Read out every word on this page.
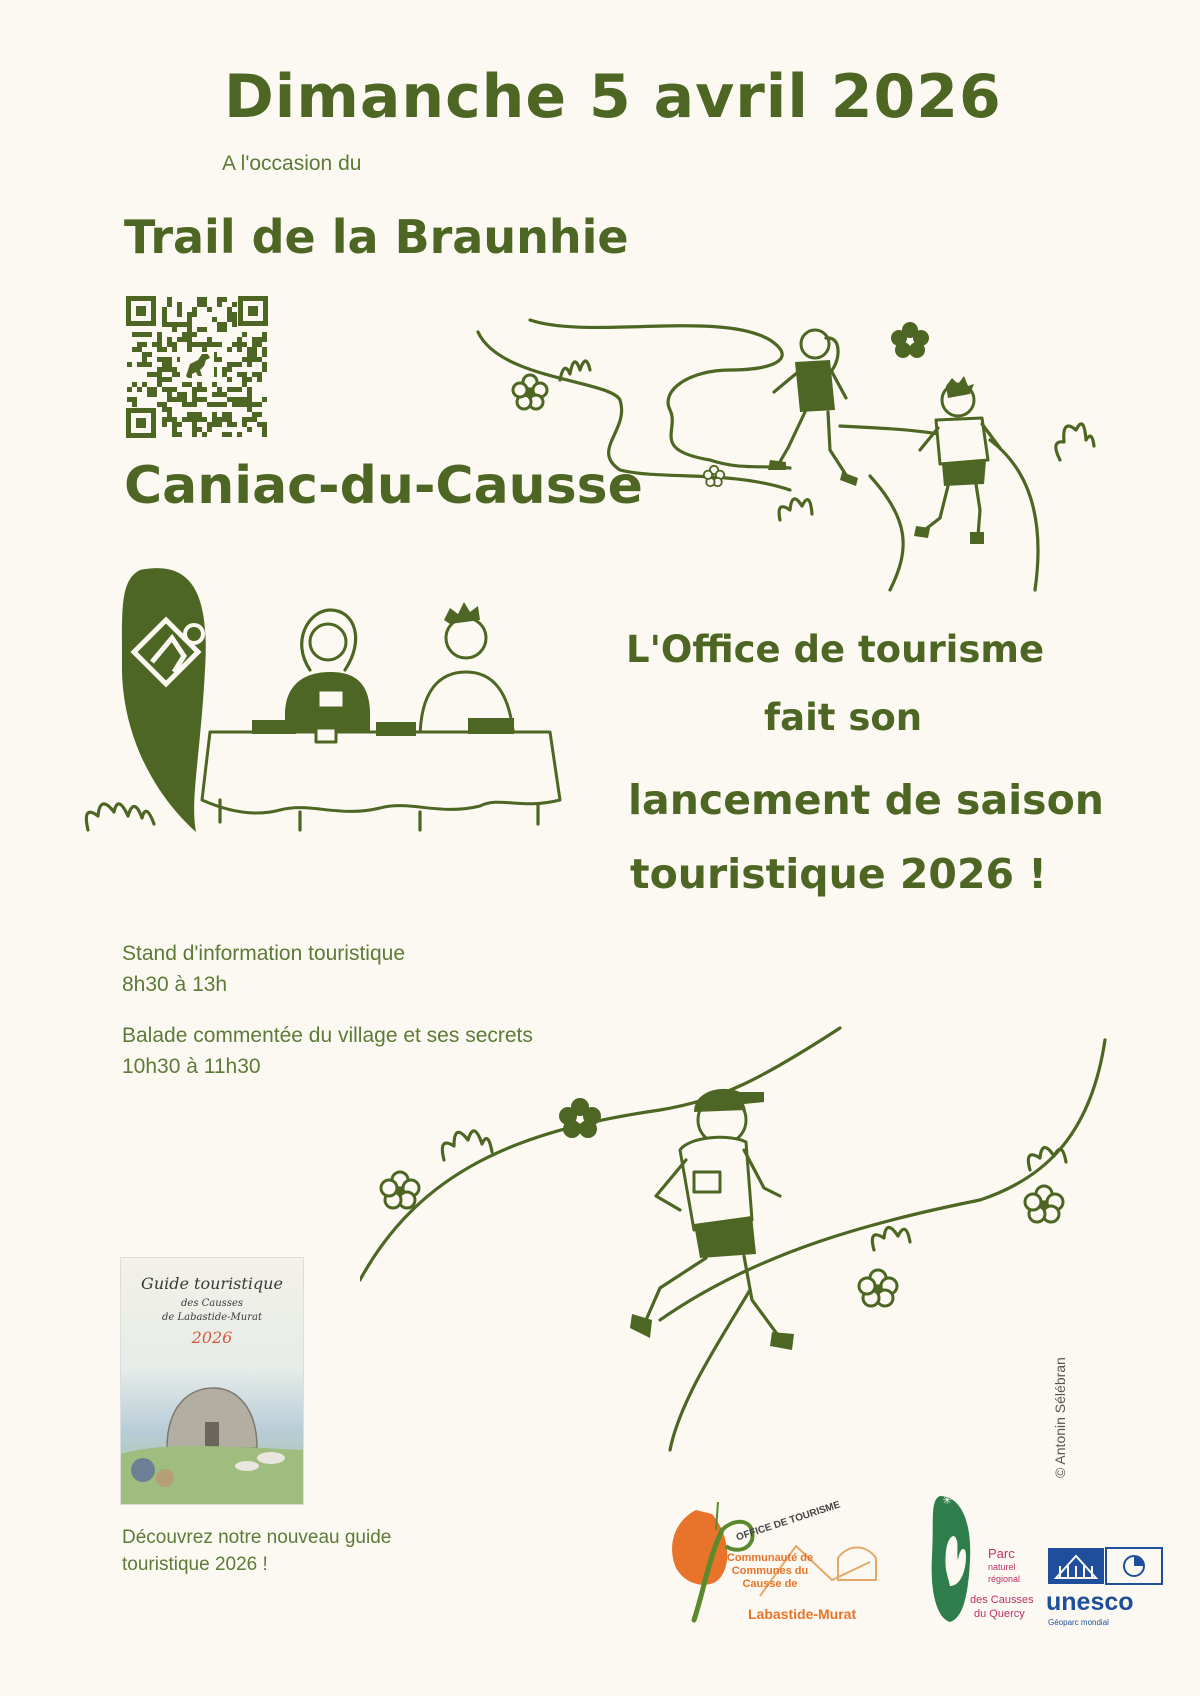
Dimanche 5 avril 2026
A l'occasion du
Trail de la Braunhie
Caniac-du-Causse
L'Office de tourisme
fait son
lancement de saison
touristique 2026 !
Stand d'information touristique
8h30 à 13h
Balade commentée du village et ses secrets
10h30 à 11h30
Guide touristique
des Causses
de Labastide-Murat
2026
Découvrez notre nouveau guide
touristique 2026 !
© Antonin Sélébran
OFFICE DE TOURISME
Communauté de
Communes du
Causse de
Labastide-Murat
✳
Parc
naturel
régional
des Causses
du Quercy unesco
Géoparc mondial
